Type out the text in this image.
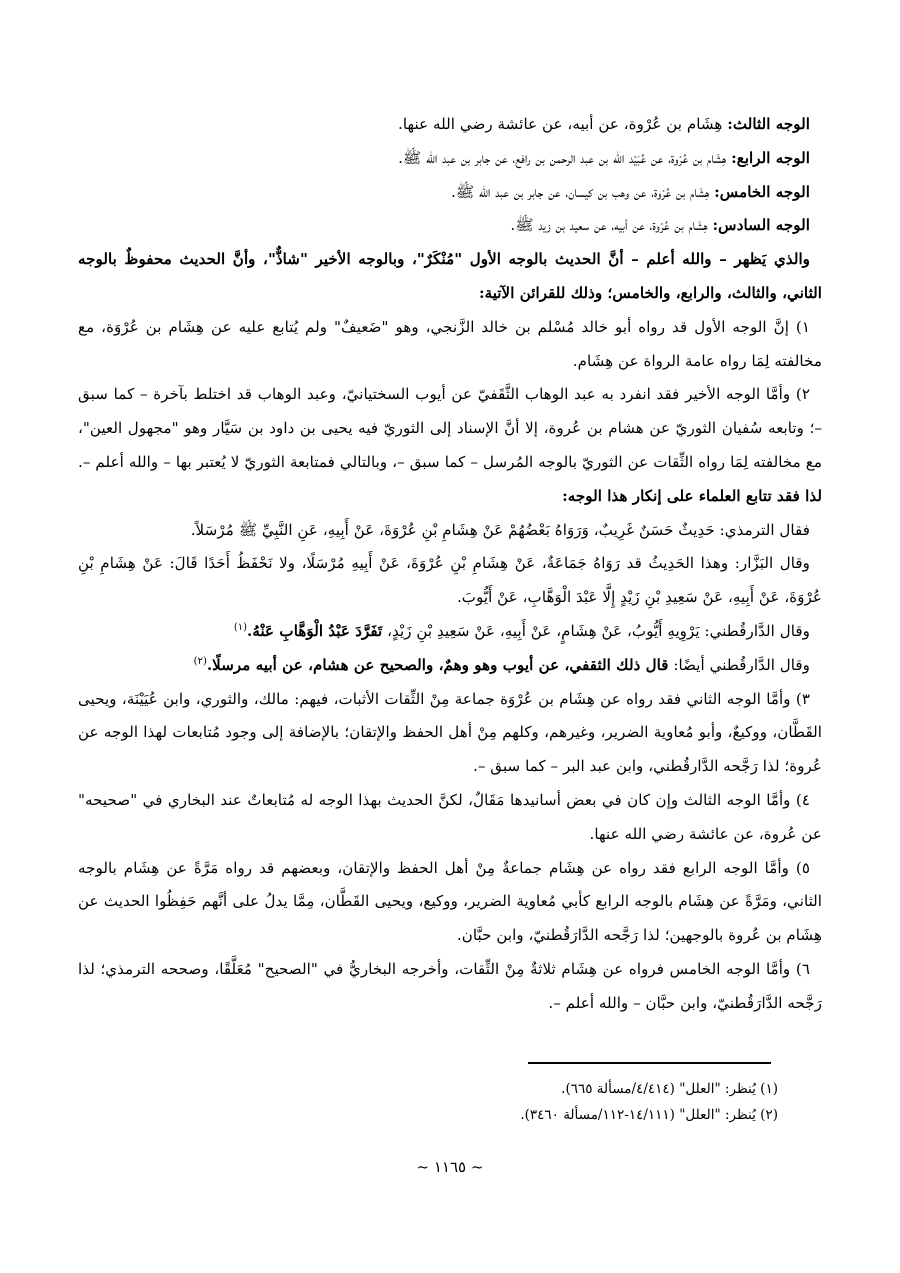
الوجه الثالث: هِشَام بن عُرْوة، عن أبيه، عن عائشة رضي الله عنها.

الوجه الرابع: هِشَام بن عُرْوة، عن عُبَيْد الله بن عبد الرحمن بن رافع، عن جابر بن عبد الله ﷺ.

الوجه الخامس: هِشَام بن عُرْوة، عن وهب بن كيسان، عن جابر بن عبد الله ﷺ.

الوجه السادس: هِشَام بن عُرْوة، عن أبيه، عن سعيد بن زيد ﷺ.

والذي يَظهر – والله أعلم – أنَّ الحديث بالوجه الأول "مُنْكَرٌ"، وبالوجه الأخير "شاذٌّ"، وأنَّ الحديث محفوظٌ بالوجه الثاني، والثالث، والرابع، والخامس؛ وذلك للقرائن الآتية:

١) إنَّ الوجه الأول قد رواه أبو خالد مُسْلم بن خالد الزَّنجي، وهو "ضَعيفٌ" ولم يُتابع عليه عن هِشَام بن عُرْوَة، مع مخالفته لِمَا رواه عامة الرواة عن هِشَام.

٢) وأمَّا الوجه الأخير فقد انفرد به عبد الوهاب الثَّقَفيّ عن أيوب السختيانيّ، وعبد الوهاب قد اختلط بآخرة – كما سبق –؛ وتابعه سُفيان الثوريّ عن هشام بن عُروة، إلا أنَّ الإسناد إلى الثوريّ فيه يحيى بن داود بن سَيَّار وهو "مجهول العين"، مع مخالفته لِمَا رواه الثِّقات عن الثوريّ بالوجه المُرسل – كما سبق –، وبالتالي فمتابعة الثوريّ لا يُعتبر بها – والله أعلم –. لذا فقد تتابع العلماء على إنكار هذا الوجه:

فقال الترمذي: حَدِيثٌ حَسَنٌ غَرِيبٌ، وَرَوَاهُ بَعْضُهُمْ عَنْ هِشَامِ بْنِ عُرْوَةَ، عَنْ أَبِيهِ، عَنِ النَّبِيِّ ﷺ مُرْسَلاً.

وقال البَزَّار: وهذا الحَدِيثُ قد رَوَاهُ جَمَاعَةٌ، عَنْ هِشَامِ بْنِ عُرْوَةَ، عَنْ أَبِيهِ مُرْسَلًا، ولا نَحْفَظُ أَحَدًا قَالَ: عَنْ هِشَامِ بْنِ عُرْوَةَ، عَنْ أَبِيهِ، عَنْ سَعِيدِ بْنِ زَيْدٍ إِلَّا عَبْدَ الْوَهَّابِ، عَنْ أَيُّوبَ.

وقال الدَّارقُطني: يَرْوِيهِ أَيُّوبُ، عَنْ هِشَامٍ، عَنْ أَبِيهِ، عَنْ سَعِيدِ بْنِ زَيْدٍ، تَفَرَّدَ عَبْدُ الْوَهَّابِ عَنْهُ.$^{(١)}$

وقال الدَّارقُطني أيضًا: قال ذلك الثقفي، عن أيوب وهو وهمٌ، والصحيح عن هشام، عن أبيه مرسلًا.$^{(٢)}$

٣) وأمَّا الوجه الثاني فقد رواه عن هِشَام بن عُرْوَة جماعة مِنْ الثِّقات الأثبات، فيهم: مالك، والثوري، وابن عُيَيْنَة، ويحيى القَطَّان، ووكيعٌ، وأبو مُعاوية الضرير، وغيرهم، وكلهم مِنْ أهل الحفظ والإتقان؛ بالإضافة إلى وجود مُتابعات لهذا الوجه عن عُروة؛ لذا رَجَّحه الدَّارقُطني، وابن عبد البر – كما سبق –.

٤) وأمَّا الوجه الثالث وإن كان في بعض أسانيدها مَقَالٌ، لكنَّ الحديث بهذا الوجه له مُتابعاتٌ عند البخاري في "صحيحه" عن عُروة، عن عائشة رضي الله عنها.

٥) وأمَّا الوجه الرابع فقد رواه عن هِشَام جماعةٌ مِنْ أهل الحفظ والإتقان، وبعضهم قد رواه مَرَّةً عن هِشَام بالوجه الثاني، ومَرَّةً عن هِشَام بالوجه الرابع كأبي مُعاوية الضرير، ووكيع، ويحيى القَطَّان، مِمَّا يدلُ على أنَّهم حَفِظُوا الحديث عن هِشَام بن عُروة بالوجهين؛ لذا رَجَّحه الدَّارَقُطنيّ، وابن حبَّان.

٦) وأمَّا الوجه الخامس فرواه عن هِشَام ثلاثةٌ مِنْ الثِّقات، وأخرجه البخاريُّ في "الصحيح" مُعَلَّقًا، وصححه الترمذي؛ لذا رَجَّحه الدَّارَقُطنيّ، وابن حبَّان – والله أعلم –.

(١) يُنظر: "العلل" (٤/٤١٤/مسألة ٦٦٥).

(٢) يُنظر: "العلل" (١٤/١١١-١١٢/مسألة ٣٤٦٠).

~ ١١٦٥ ~
